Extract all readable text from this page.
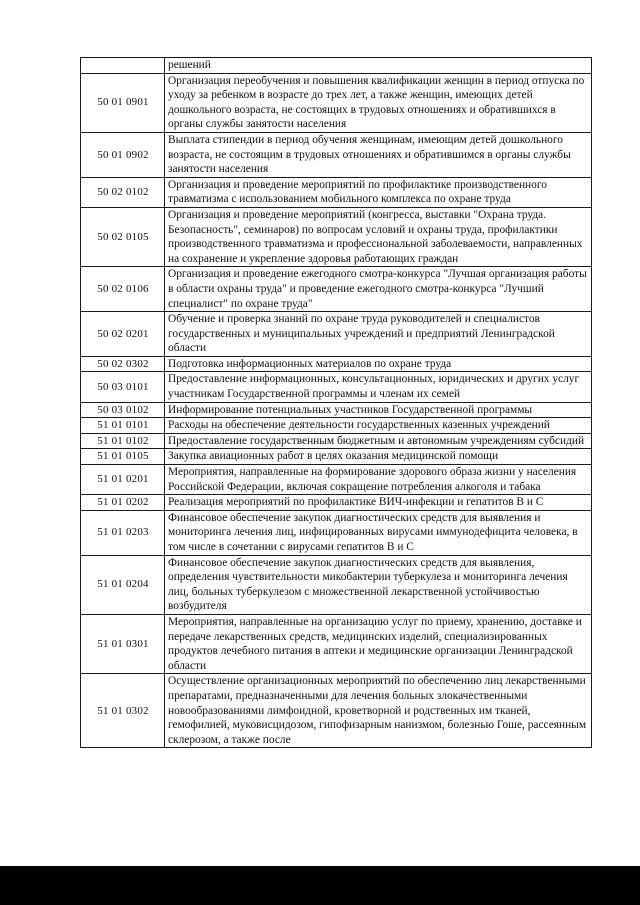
	решений
50 01 0901	Организация переобучения и повышения квалификации женщин в период отпуска по уходу за ребенком в возрасте до трех лет, а также женщин, имеющих детей дошкольного возраста, не состоящих в трудовых отношениях и обратившихся в органы службы занятости населения
50 01 0902	Выплата стипендии в период обучения женщинам, имеющим детей дошкольного возраста, не состоящим в трудовых отношениях и обратившимся в органы службы занятости населения
50 02 0102	Организация и проведение мероприятий по профилактике производственного травматизма с использованием мобильного комплекса по охране труда
50 02 0105	Организация и проведение мероприятий (конгресса, выставки "Охрана труда. Безопасность", семинаров) по вопросам условий и охраны труда, профилактики производственного травматизма и профессиональной заболеваемости, направленных на сохранение и укрепление здоровья работающих граждан
50 02 0106	Организация и проведение ежегодного смотра-конкурса "Лучшая организация работы в области охраны труда" и проведение ежегодного смотра-конкурса "Лучший специалист" по охране труда"
50 02 0201	Обучение и проверка знаний по охране труда руководителей и специалистов государственных и муниципальных учреждений и предприятий Ленинградской области
50 02 0302	Подготовка информационных материалов по охране труда
50 03 0101	Предоставление информационных, консультационных, юридических и других услуг участникам Государственной программы и членам их семей
50 03 0102	Информирование потенциальных участников Государственной программы
51 01 0101	Расходы на обеспечение деятельности государственных казенных учреждений
51 01 0102	Предоставление государственным бюджетным и автономным учреждениям субсидий
51 01 0105	Закупка авиационных работ в целях оказания медицинской помощи
51 01 0201	Мероприятия, направленные на формирование здорового образа жизни у населения Российской Федерации, включая сокращение потребления алкоголя и табака
51 01 0202	Реализация мероприятий по профилактике ВИЧ-инфекции и гепатитов В и С
51 01 0203	Финансовое обеспечение закупок диагностических средств для выявления и мониторинга лечения лиц, инфицированных вирусами иммунодефицита человека, в том числе в сочетании с вирусами гепатитов В и С
51 01 0204	Финансовое обеспечение закупок диагностических средств для выявления, определения чувствительности микобактерии туберкулеза и мониторинга лечения лиц, больных туберкулезом с множественной лекарственной устойчивостью возбудителя
51 01 0301	Мероприятия, направленные на организацию услуг по приему, хранению, доставке и передаче лекарственных средств, медицинских изделий, специализированных продуктов лечебного питания в аптеки и медицинские организации Ленинградской области
51 01 0302	Осуществление организационных мероприятий по обеспечению лиц лекарственными препаратами, предназначенными для лечения больных злокачественными новообразованиями лимфоидной, кроветворной и родственных им тканей, гемофилией, муковисцидозом, гипофизарным нанизмом, болезнью Гоше, рассеянным склерозом, а также после
